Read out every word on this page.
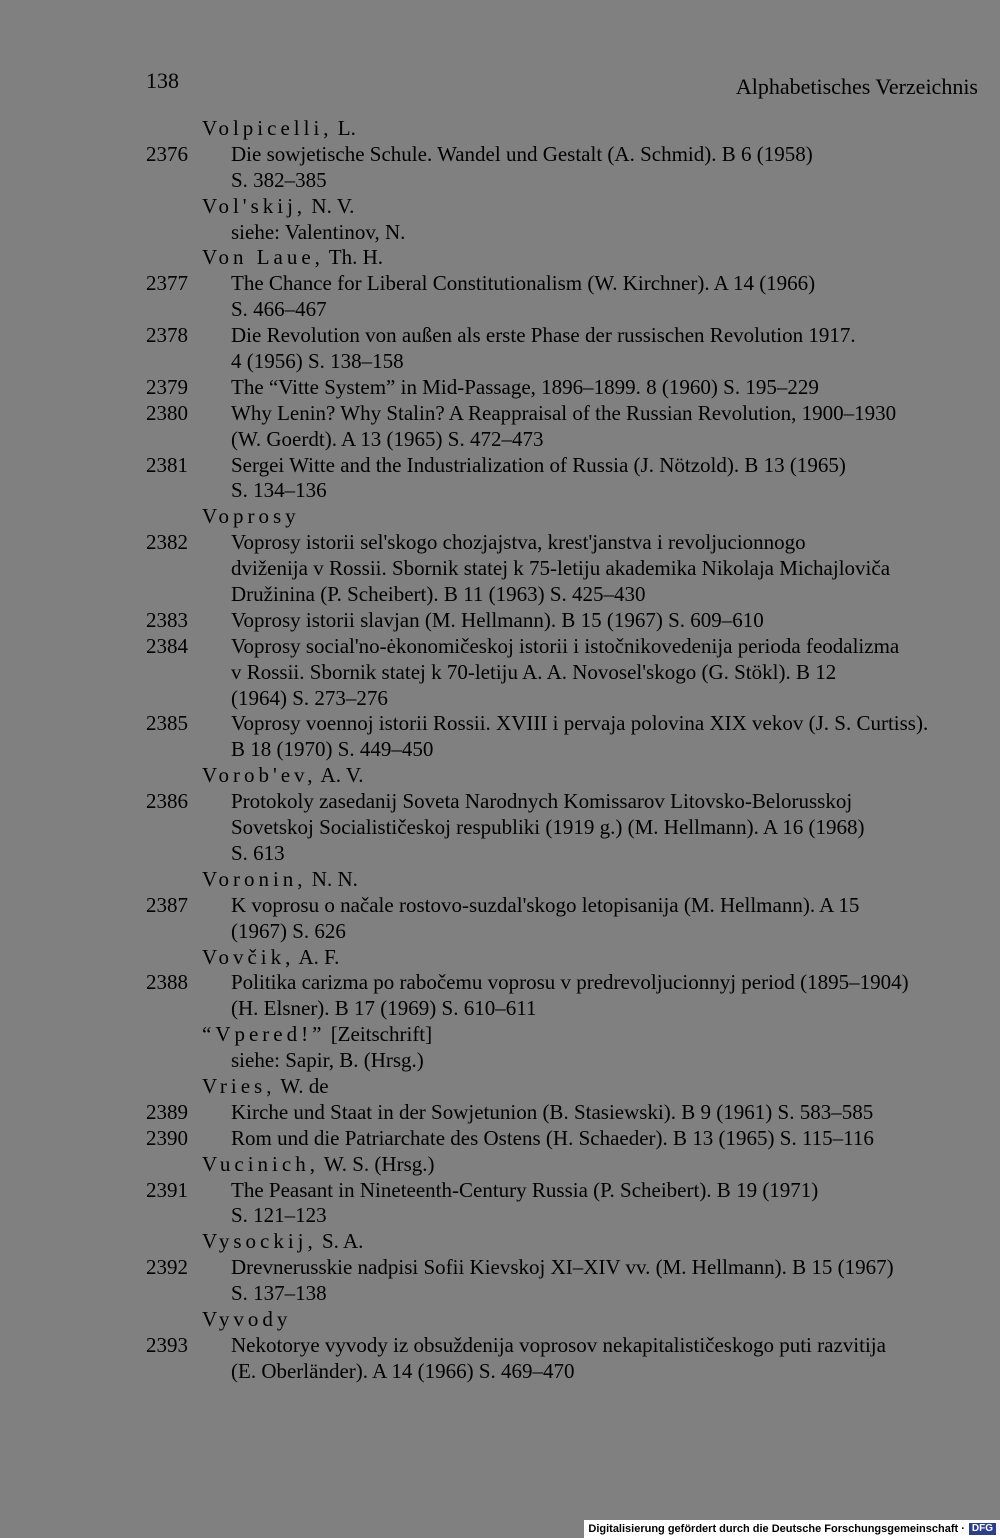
138	Alphabetisches Verzeichnis
Volpicelli, L.
2376 Die sowjetische Schule. Wandel und Gestalt (A. Schmid). B 6 (1958)
S. 382–385
Vol'skij, N. V.
siehe: Valentinov, N.
Von Laue, Th. H.
2377 The Chance for Liberal Constitutionalism (W. Kirchner). A 14 (1966)
S. 466–467
2378 Die Revolution von außen als erste Phase der russischen Revolution 1917.
4 (1956) S. 138–158
2379 The “Vitte System” in Mid-Passage, 1896–1899. 8 (1960) S. 195–229
2380 Why Lenin? Why Stalin? A Reappraisal of the Russian Revolution, 1900–1930
(W. Goerdt). A 13 (1965) S. 472–473
2381 Sergei Witte and the Industrialization of Russia (J. Nötzold). B 13 (1965)
S. 134–136
Voprosy
2382 Voprosy istorii sel'skogo chozjajstva, krest'janstva i revoljucionnogo
dviženija v Rossii. Sbornik statej k 75-letiju akademika Nikolaja Michajloviča
Družinina (P. Scheibert). B 11 (1963) S. 425–430
2383 Voprosy istorii slavjan (M. Hellmann). B 15 (1967) S. 609–610
2384 Voprosy social'no-ėkonomičeskoj istorii i istočnikovedenija perioda feodalizma
v Rossii. Sbornik statej k 70-letiju A. A. Novosel'skogo (G. Stökl). B 12
(1964) S. 273–276
2385 Voprosy voennoj istorii Rossii. XVIII i pervaja polovina XIX vekov (J. S. Curtiss).
B 18 (1970) S. 449–450
Vorob'ev, A. V.
2386 Protokoly zasedanij Soveta Narodnych Komissarov Litovsko-Belorusskoj
Sovetskoj Socialističeskoj respubliki (1919 g.) (M. Hellmann). A 16 (1968)
S. 613
Voronin, N. N.
2387 K voprosu o načale rostovo-suzdal'skogo letopisanija (M. Hellmann). A 15
(1967) S. 626
Vovčik, A. F.
2388 Politika carizma po rabočemu voprosu v predrevoljucionnyj period (1895–1904)
(H. Elsner). B 17 (1969) S. 610–611
“Vpered!” [Zeitschrift]
siehe: Sapir, B. (Hrsg.)
Vries, W. de
2389 Kirche und Staat in der Sowjetunion (B. Stasiewski). B 9 (1961) S. 583–585
2390 Rom und die Patriarchate des Ostens (H. Schaeder). B 13 (1965) S. 115–116
Vucinich, W. S. (Hrsg.)
2391 The Peasant in Nineteenth-Century Russia (P. Scheibert). B 19 (1971)
S. 121–123
Vysockij, S. A.
2392 Drevnerusskie nadpisi Sofii Kievskoj XI–XIV vv. (M. Hellmann). B 15 (1967)
S. 137–138
Vyvody
2393 Nekotorye vyvody iz obsuždenija voprosov nekapitalističeskogo puti razvitija
(E. Oberländer). A 14 (1966) S. 469–470
Digitalisierung gefördert durch die Deutsche Forschungsgemeinschaft · DFG
